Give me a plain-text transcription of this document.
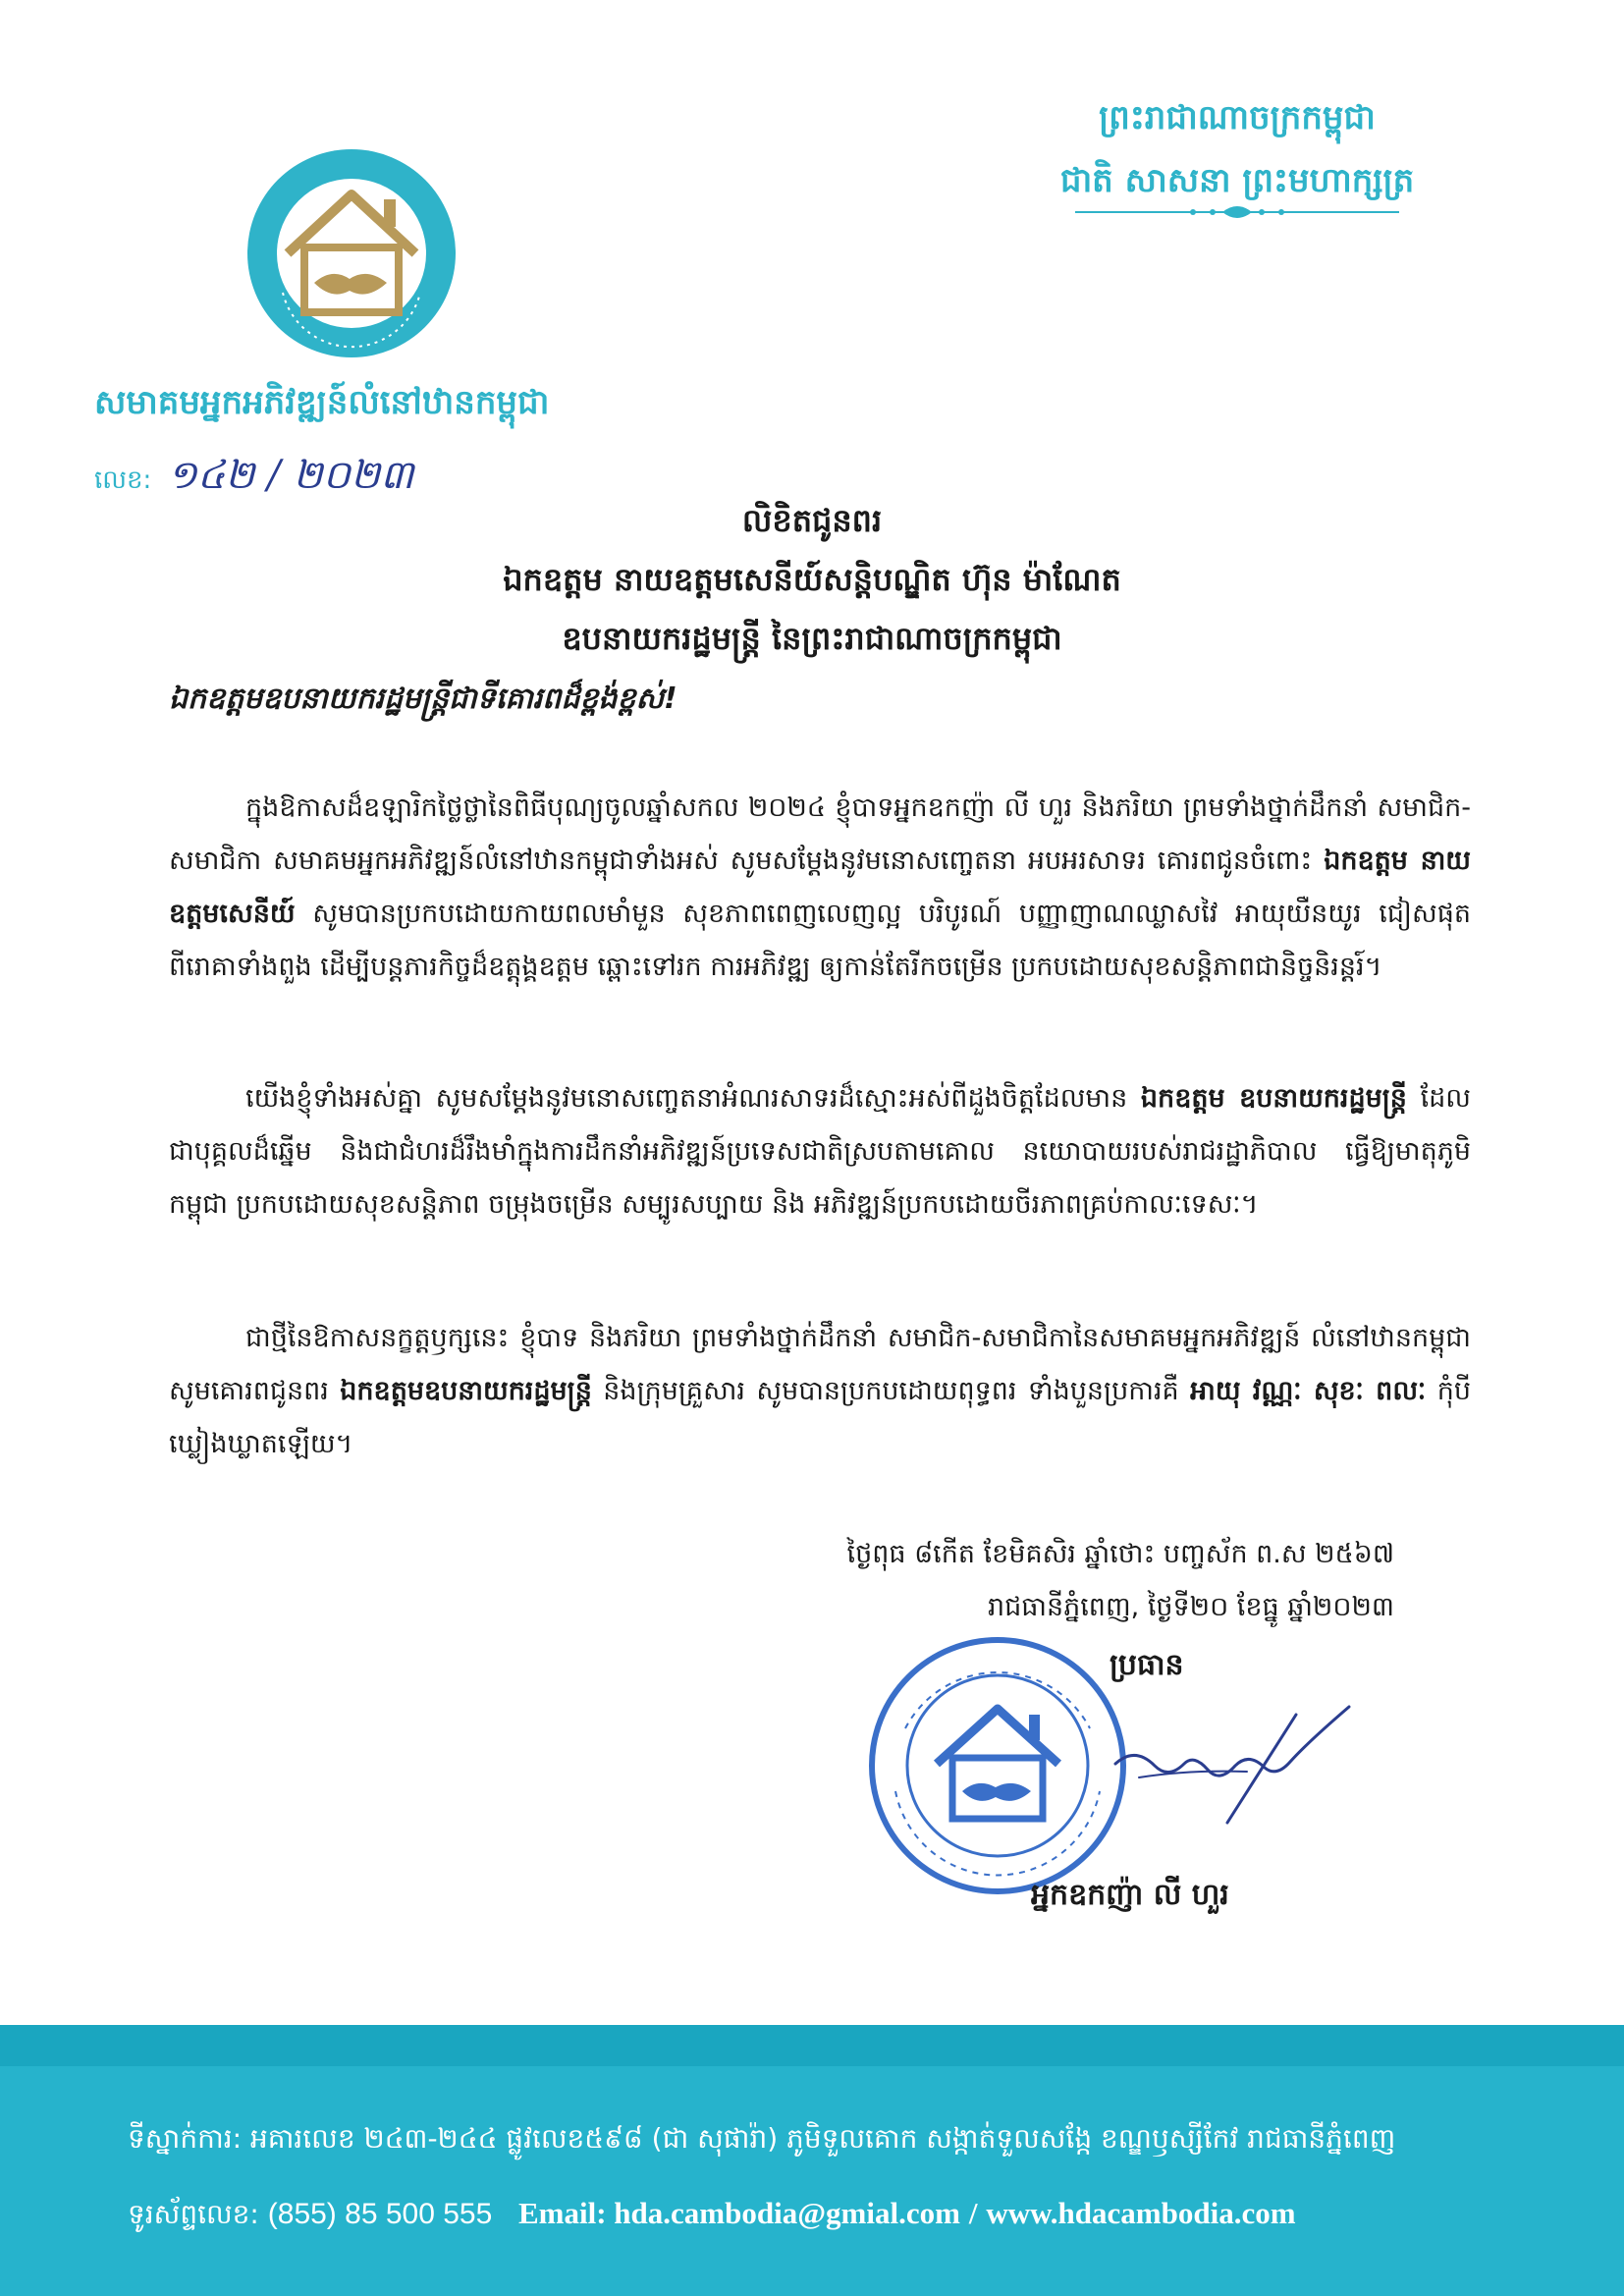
សមាគមអ្នកអភិវឌ្ឍន៍លំនៅឋានកម្ពុជា
លេខ: ១៤២ / ២០២៣
ព្រះរាជាណាចក្រកម្ពុជា
ជាតិ សាសនា ព្រះមហាក្សត្រ
លិខិតជូនពរ
ឯកឧត្តម នាយឧត្តមសេនីយ៍សន្តិបណ្ឌិត ហ៊ុន ម៉ាណែត
ឧបនាយករដ្ឋមន្ត្រី នៃព្រះរាជាណាចក្រកម្ពុជា
ឯកឧត្តមឧបនាយករដ្ឋមន្ត្រីជាទីគោរពដ៏ខ្ពង់ខ្ពស់!
ក្នុងឱកាសដ៏ឧឡារិកថ្លៃថ្លានៃពិធីបុណ្យចូលឆ្នាំសកល ២០២៤ ខ្ញុំបាទអ្នកឧកញ៉ា លី ហួរ និងភរិយា ព្រមទាំងថ្នាក់ដឹកនាំ សមាជិក-សមាជិកា សមាគមអ្នកអភិវឌ្ឍន៍លំនៅឋានកម្ពុជាទាំងអស់ សូមសម្ដែងនូវមនោសញ្ចេតនា អបអរសាទរ គោរពជូនចំពោះ ឯកឧត្តម នាយឧត្តមសេនីយ៍ សូមបានប្រកបដោយកាយពលមាំមួន សុខភាពពេញលេញល្អ បរិបូរណ៍ បញ្ញាញាណឈ្លាសវៃ អាយុយឺនយូរ ជៀសផុតពីរោគាទាំងពួង ដើម្បីបន្តភារកិច្ចដ៏ឧត្តុង្គឧត្តម ឆ្ពោះទៅរក ការអភិវឌ្ឍ ឲ្យកាន់តែរីកចម្រើន ប្រកបដោយសុខសន្តិភាពជានិច្ចនិរន្តរ៍។
យើងខ្ញុំទាំងអស់គ្នា សូមសម្ដែងនូវមនោសញ្ចេតនាអំណរសាទរដ៏ស្មោះអស់ពីដួងចិត្តដែលមាន ឯកឧត្តម ឧបនាយករដ្ឋមន្ត្រី ដែលជាបុគ្គលដ៏ឆ្នើម និងជាជំហរដ៏រឹងមាំក្នុងការដឹកនាំអភិវឌ្ឍន៍ប្រទេសជាតិស្របតាមគោល នយោបាយរបស់រាជរដ្ឋាភិបាល ធ្វើឱ្យមាតុភូមិកម្ពុជា ប្រកបដោយសុខសន្តិភាព ចម្រុងចម្រើន សម្បូរសប្បាយ និង អភិវឌ្ឍន៍ប្រកបដោយចីរភាពគ្រប់កាលៈទេសៈ។
ជាថ្មីនៃឱកាសនក្ខត្តឫក្សនេះ ខ្ញុំបាទ និងភរិយា ព្រមទាំងថ្នាក់ដឹកនាំ សមាជិក-សមាជិកានៃសមាគមអ្នកអភិវឌ្ឍន៍ លំនៅឋានកម្ពុជា សូមគោរពជូនពរ ឯកឧត្តមឧបនាយករដ្ឋមន្ត្រី និងក្រុមគ្រួសារ សូមបានប្រកបដោយពុទ្ធពរ ទាំងបួនប្រការគឺ អាយុ វណ្ណៈ សុខៈ ពលៈ កុំបីឃ្លៀងឃ្លាតឡើយ។
ថ្ងៃពុធ ៨កើត ខែមិគសិរ ឆ្នាំថោះ បញ្ចស័ក ព.ស ២៥៦៧
រាជធានីភ្នំពេញ, ថ្ងៃទី២០ ខែធ្នូ ឆ្នាំ២០២៣
ប្រធាន
អ្នកឧកញ៉ា លី ហួរ
ទីស្នាក់ការ: អគារលេខ ២៤៣-២៤៤ ផ្លូវលេខ៥៩៨ (ជា សុផារ៉ា) ភូមិទួលគោក សង្កាត់ទួលសង្កែ ខណ្ឌឫស្សីកែវ រាជធានីភ្នំពេញ
ទូរស័ព្ទលេខ: (855) 85 500 555 Email: hda.cambodia@gmial.com / www.hdacambodia.com
